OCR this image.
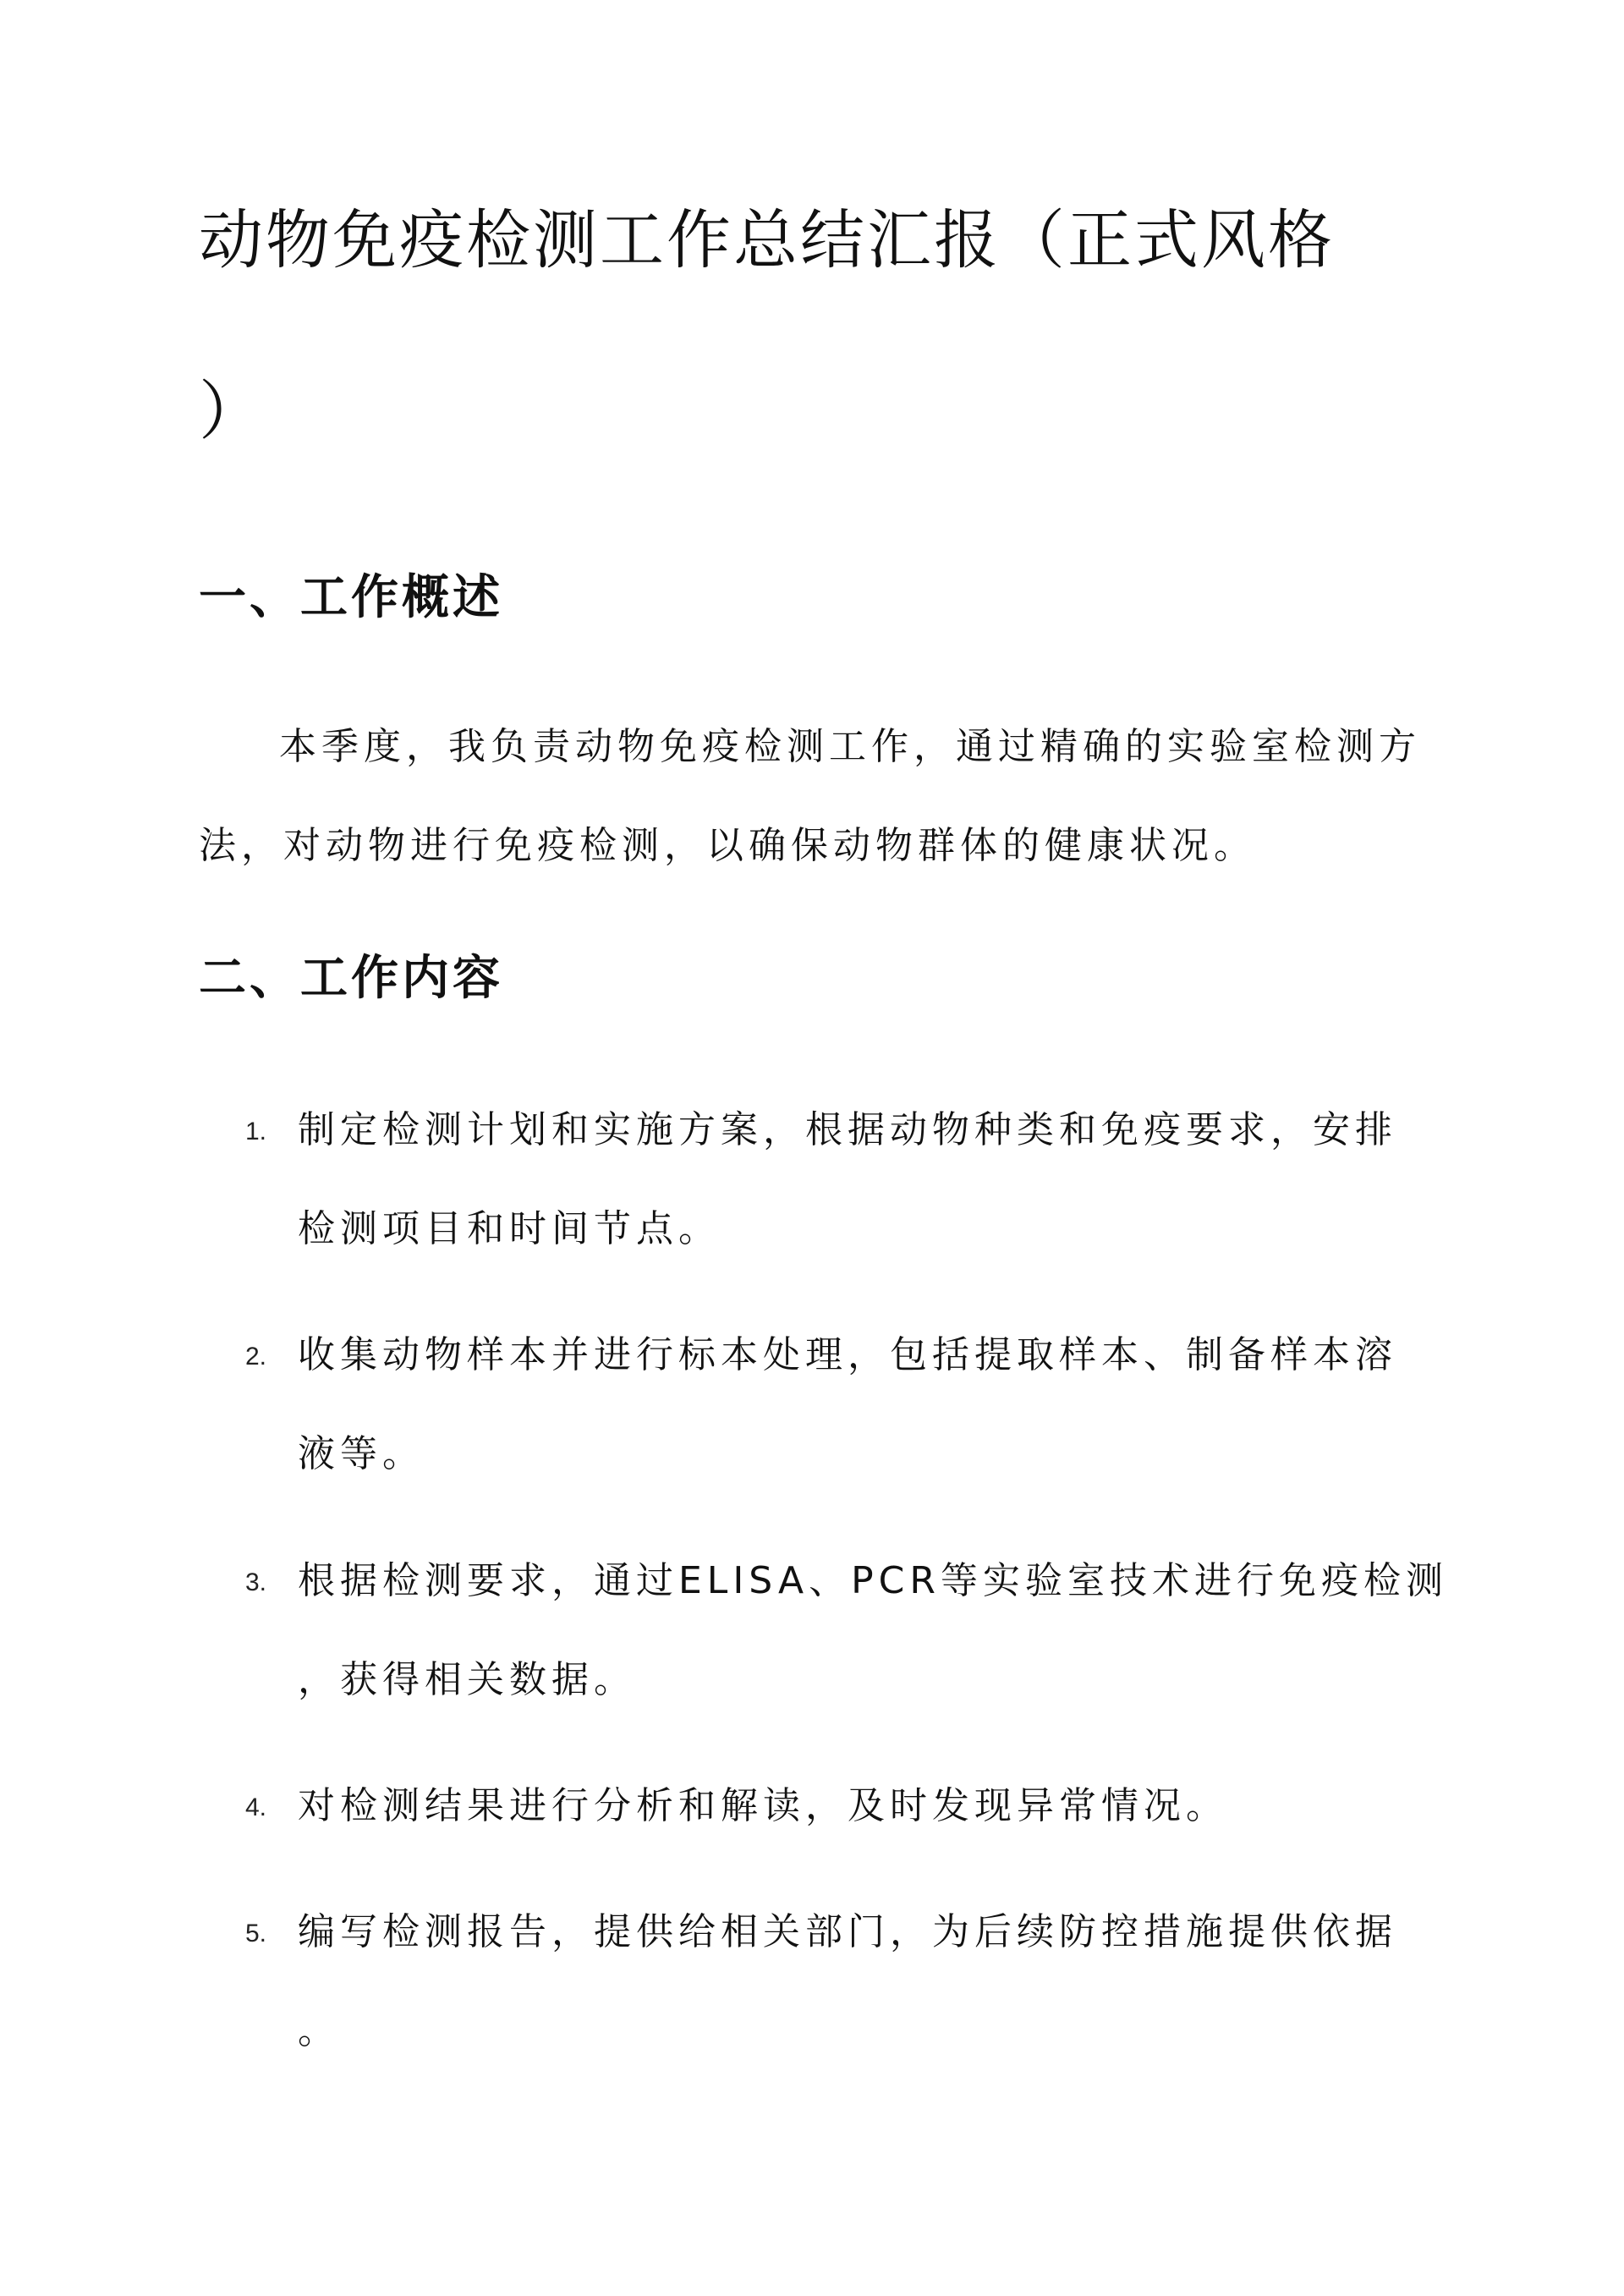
动物免疫检测工作总结汇报（正式风格
）
一、工作概述

本季度，我负责动物免疫检测工作，通过精确的实验室检测方

法，对动物进行免疫检测，以确保动物群体的健康状况。

二、工作内容
1. 制定检测计划和实施方案，根据动物种类和免疫要求，安排

检测项目和时间节点。

2. 收集动物样本并进行标本处理，包括提取样本、制备样本溶

液等。

3. 根据检测要求，通过ELISA、PCR等实验室技术进行免疫检测

，获得相关数据。

4. 对检测结果进行分析和解读，及时发现异常情况。

5. 编写检测报告，提供给相关部门，为后续防控措施提供依据

。
